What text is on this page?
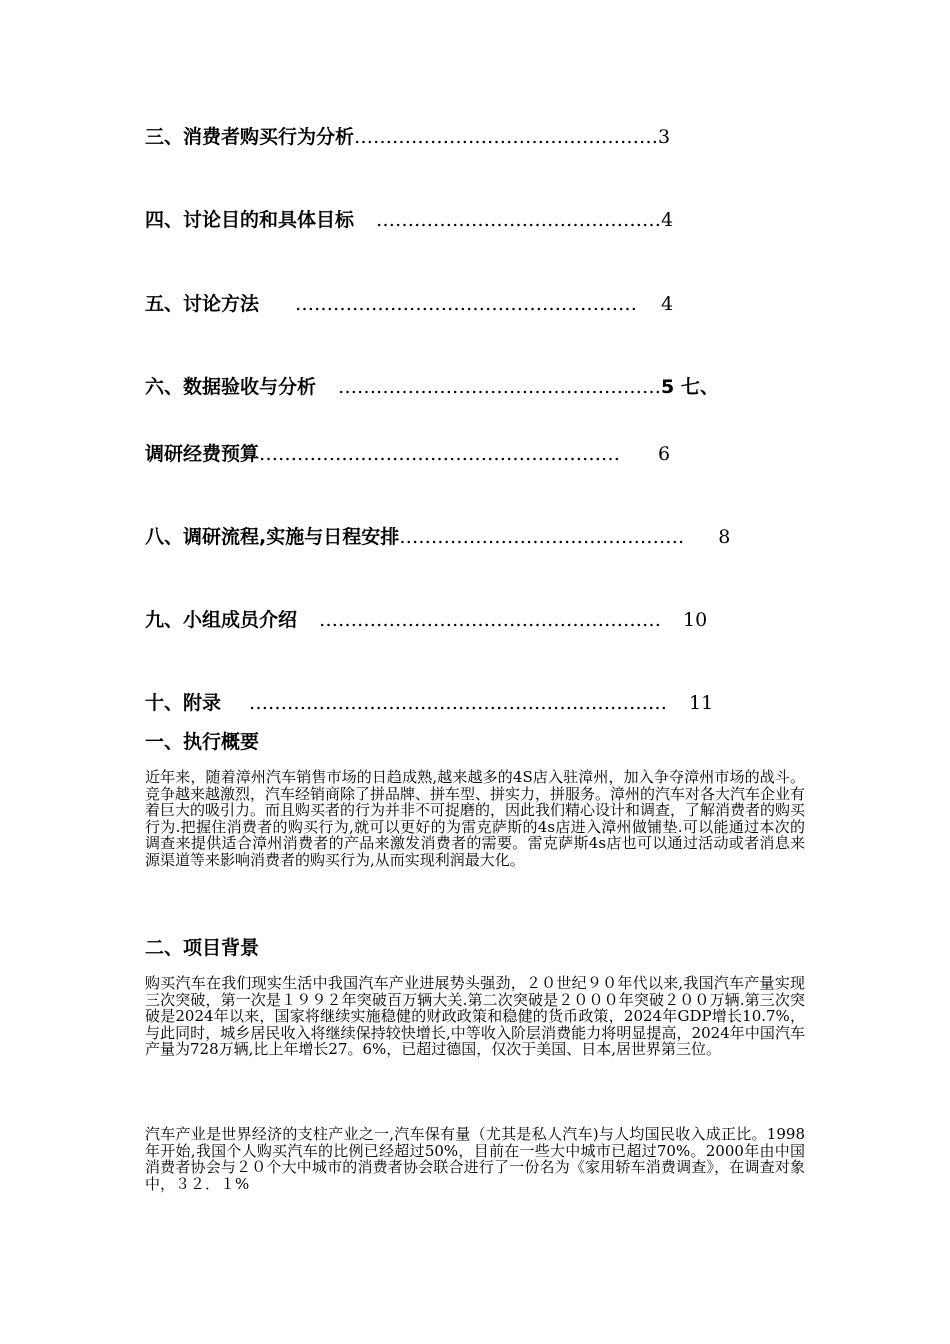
三、消费者购买行为分析…………………………………………3
四、讨论目的和具体目标 ………………………………………4
五、讨论方法 ……………………………………………… 4
六、数据验收与分析 ……………………………………………5 七、
调研经费预算………………………………………………… 6
八、调研流程,实施与日程安排……………………………………… 8
九、小组成员介绍 ……………………………………………… 10
十、附录 ………………………………………………………… 11
一、执行概要

近年来，随着漳州汽车销售市场的日趋成熟,越来越多的4S店入驻漳州，加入争夺漳州市场的战斗。竞争越来越激烈，汽车经销商除了拼品牌、拼车型、拼实力，拼服务。漳州的汽车对各大汽车企业有着巨大的吸引力。而且购买者的行为并非不可捉磨的，因此我们精心设计和调查，了解消费者的购买行为.把握住消费者的购买行为,就可以更好的为雷克萨斯的4s店进入漳州做铺垫.可以能通过本次的调查来提供适合漳州消费者的产品来激发消费者的需要。雷克萨斯4s店也可以通过活动或者消息来源渠道等来影响消费者的购买行为,从而实现利润最大化。

二、项目背景

购买汽车在我们现实生活中我国汽车产业进展势头强劲，２０世纪９０年代以来,我国汽车产量实现三次突破，第一次是１９９２年突破百万辆大关.第二次突破是２０００年突破２００万辆.第三次突破是2024年以来，国家将继续实施稳健的财政政策和稳健的货币政策，2024年GDP增长10.7%，与此同时，城乡居民收入将继续保持较快增长,中等收入阶层消费能力将明显提高，2024年中国汽车产量为728万辆,比上年增长27。6%，已超过德国，仅次于美国、日本,居世界第三位。

汽车产业是世界经济的支柱产业之一,汽车保有量（尤其是私人汽车)与人均国民收入成正比。1998年开始,我国个人购买汽车的比例已经超过50%，目前在一些大中城市已超过70%。2000年由中国消费者协会与２０个大中城市的消费者协会联合进行了一份名为《家用轿车消费调查》，在调查对象中，３２．１%
